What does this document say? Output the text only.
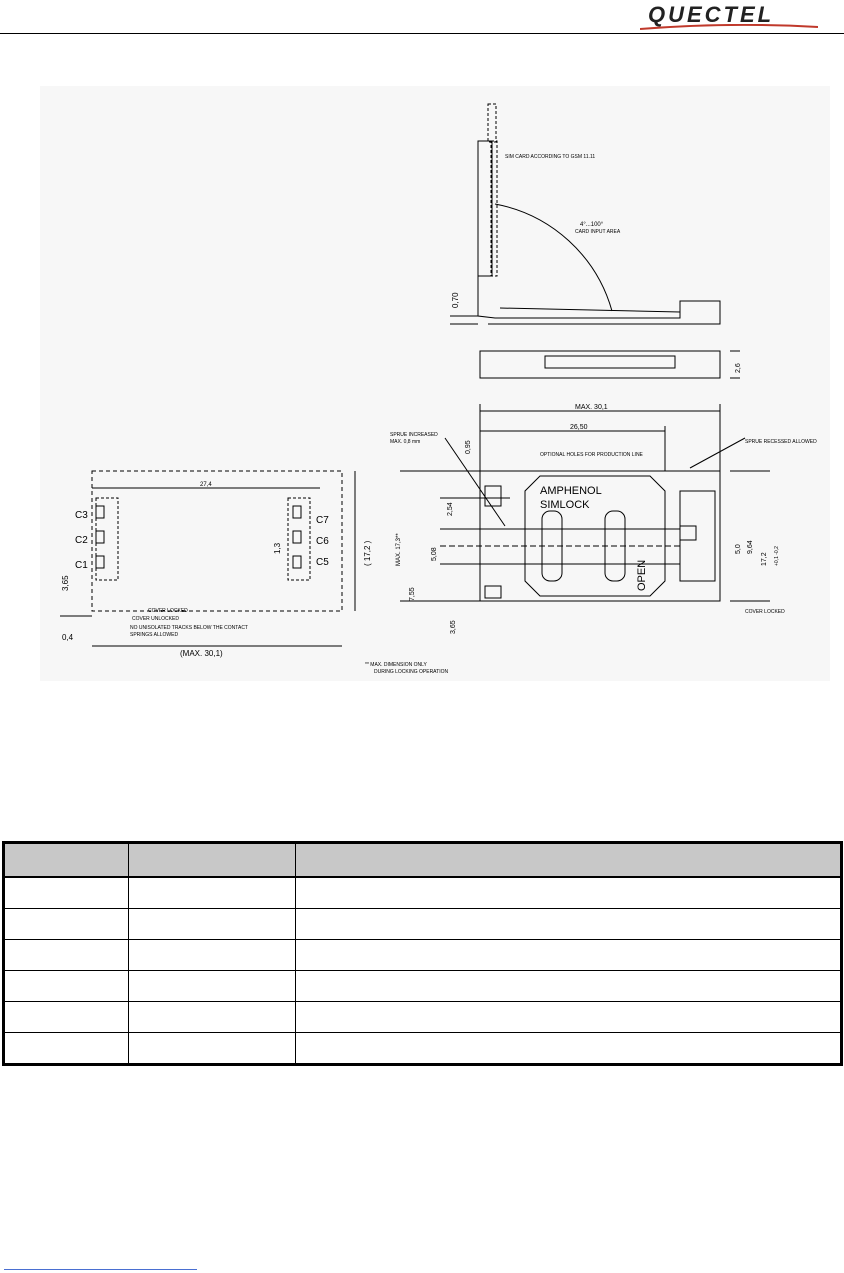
QUECTEL
SIM CARD ACCORDING TO GSM 11.11
4°...100°
CARD INPUT AREA
0,70
2,6
27,4
C3
C2
C1
C7
C6
C5
1,3
3,65
0,4
( 17,2 )
(MAX. 30,1)
COVER LOCKED
COVER UNLOCKED
NO UNISOLATED TRACKS BELOW THE CONTACT
SPRINGS ALLOWED
MAX. 30,1
26,50
SPRUE INCREASED
MAX. 0,8 mm
OPTIONAL HOLES FOR PRODUCTION LINE
SPRUE RECESSED ALLOWED
0,95
2,54
5,08
7,55
MAX. 17,3**
3,65
5,0 9,64
17,2 +0,1 -0,2
AMPHENOL
SIMLOCK
OPEN
COVER LOCKED
** MAX. DIMENSION ONLY
DURING LOCKING OPERATION
